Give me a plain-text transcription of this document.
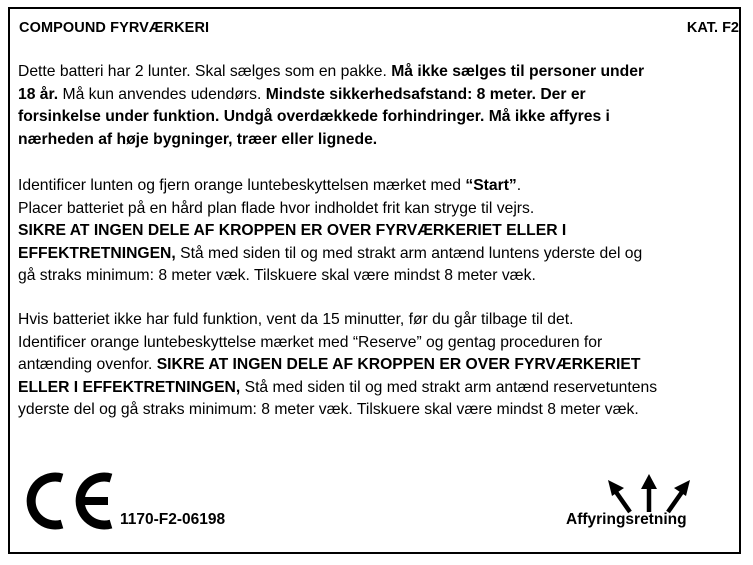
COMPOUND FYRVÆRKERI	KAT. F2
Dette batteri har 2 lunter. Skal sælges som en pakke. Må ikke sælges til personer under
18 år. Må kun anvendes udendørs. Mindste sikkerhedsafstand: 8 meter. Der er
forsinkelse under funktion. Undgå overdækkede forhindringer. Må ikke affyres i
nærheden af høje bygninger, træer eller lignede.
Identificer lunten og fjern orange luntebeskyttelsen mærket med “Start”.
Placer batteriet på en hård plan flade hvor indholdet frit kan stryge til vejrs.
SIKRE AT INGEN DELE AF KROPPEN ER OVER FYRVÆRKERIET ELLER I
EFFEKTRETNINGEN, Stå med siden til og med strakt arm antænd luntens yderste del og
gå straks minimum: 8 meter væk. Tilskuere skal være mindst 8 meter væk.
Hvis batteriet ikke har fuld funktion, vent da 15 minutter, før du går tilbage til det.
Identificer orange luntebeskyttelse mærket med “Reserve” og gentag proceduren for
antænding ovenfor. SIKRE AT INGEN DELE AF KROPPEN ER OVER FYRVÆRKERIET
ELLER I EFFEKTRETNINGEN, Stå med siden til og med strakt arm antænd reservetuntens
yderste del og gå straks minimum: 8 meter væk. Tilskuere skal være mindst 8 meter væk.
1170-F2-06198	Affyringsretning
